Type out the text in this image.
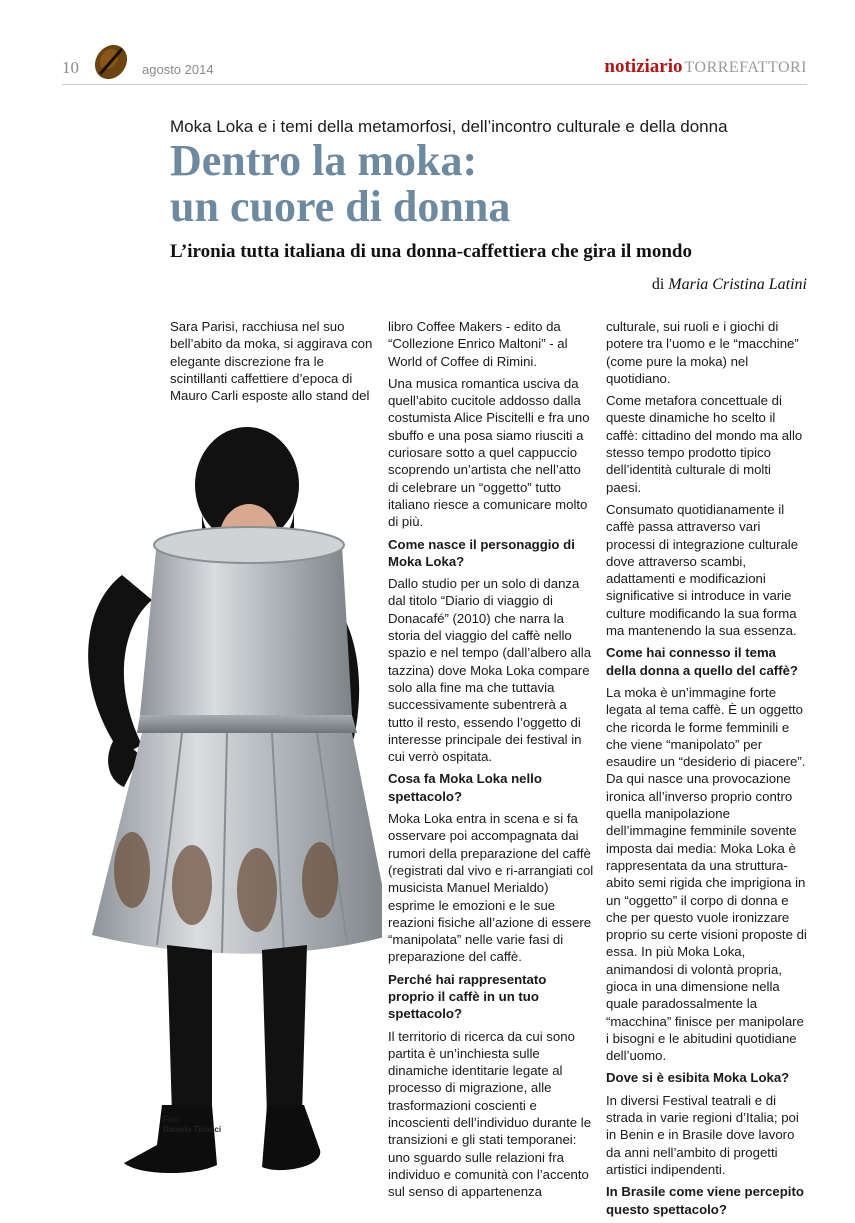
10	agosto 2014	notiziario TORREFATTORI
Moka Loka e i temi della metamorfosi, dell’incontro culturale e della donna
Dentro la moka:
un cuore di donna
L’ironia tutta italiana di una donna-caffettiera che gira il mondo
di Maria Cristina Latini

Sara Parisi, racchiusa nel suo bell’abito da moka, si aggirava con elegante discrezione fra le scintillanti caffettiere d’epoca di Mauro Carli esposte allo stand del

Foto:
Daniela Tinacci

libro Coffee Makers - edito da “Collezione Enrico Maltoni” - al World of Coffee di Rimini.

Una musica romantica usciva da quell’abito cucitole addosso dalla costumista Alice Piscitelli e fra uno sbuffo e una posa siamo riusciti a curiosare sotto a quel cappuccio scoprendo un’artista che nell’atto di celebrare un “oggetto” tutto italiano riesce a comunicare molto di più.

Come nasce il personaggio di Moka Loka?

Dallo studio per un solo di danza dal titolo “Diario di viaggio di Donacafé” (2010) che narra la storia del viaggio del caffè nello spazio e nel tempo (dall’albero alla tazzina) dove Moka Loka compare solo alla fine ma che tuttavia successivamente subentrerà a tutto il resto, essendo l’oggetto di interesse principale dei festival in cui verrò ospitata.

Cosa fa Moka Loka nello spettacolo?

Moka Loka entra in scena e si fa osservare poi accompagnata dai rumori della preparazione del caffè (registrati dal vivo e ri-arrangiati col musicista Manuel Merialdo) esprime le emozioni e le sue reazioni fisiche all’azione di essere “manipolata” nelle varie fasi di preparazione del caffè.

Perché hai rappresentato proprio il caffè in un tuo spettacolo?

Il territorio di ricerca da cui sono partita è un’inchiesta sulle dinamiche identitarie legate al processo di migrazione, alle trasformazioni coscienti e incoscienti dell’individuo durante le transizioni e gli stati temporanei: uno sguardo sulle relazioni fra individuo e comunità con l’accento sul senso di appartenenza

culturale, sui ruoli e i giochi di potere tra l’uomo e le “macchine” (come pure la moka) nel quotidiano.

Come metafora concettuale di queste dinamiche ho scelto il caffè: cittadino del mondo ma allo stesso tempo prodotto tipico dell’identità culturale di molti paesi.

Consumato quotidianamente il caffè passa attraverso vari processi di integrazione culturale dove attraverso scambi, adattamenti e modificazioni significative si introduce in varie culture modificando la sua forma ma mantenendo la sua essenza.

Come hai connesso il tema della donna a quello del caffè?

La moka è un’immagine forte legata al tema caffè. È un oggetto che ricorda le forme femminili e che viene “manipolato” per esaudire un “desiderio di piacere”. Da qui nasce una provocazione ironica all’inverso proprio contro quella manipolazione dell’immagine femminile sovente imposta dai media: Moka Loka è rappresentata da una struttura-abito semi rigida che imprigiona in un “oggetto” il corpo di donna e che per questo vuole ironizzare proprio su certe visioni proposte di essa. In più Moka Loka, animandosi di volontà propria, gioca in una dimensione nella quale paradossalmente la “macchina” finisce per manipolare i bisogni e le abitudini quotidiane dell’uomo.

Dove si è esibita Moka Loka?

In diversi Festival teatrali e di strada in varie regioni d’Italia; poi in Benin e in Brasile dove lavoro da anni nell’ambito di progetti artistici indipendenti.

In Brasile come viene percepito questo spettacolo?
